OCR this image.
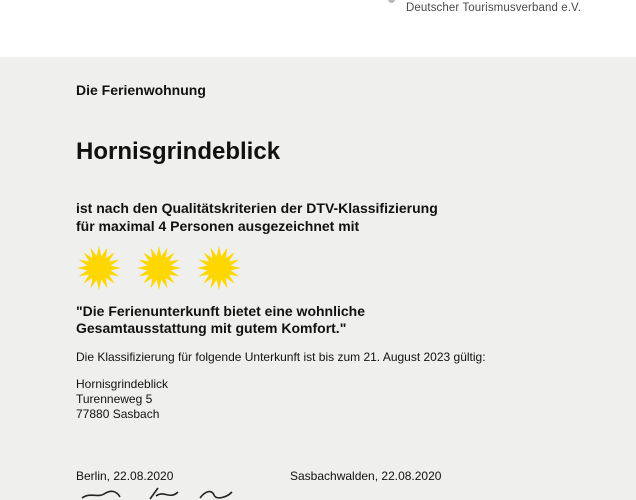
Deutscher Tourismusverband e.V.

Die Ferienwohnung

Hornisgrindeblick

ist nach den Qualitätskriterien der DTV-Klassifizierung
für maximal 4 Personen ausgezeichnet mit
"Die Ferienunterkunft bietet eine wohnliche
Gesamtausstattung mit gutem Komfort."

Die Klassifizierung für folgende Unterkunft ist bis zum 21. August 2023 gültig:

Hornisgrindeblick
Turenneweg 5
77880 Sasbach

Berlin, 22.08.2020	Sasbachwalden, 22.08.2020
